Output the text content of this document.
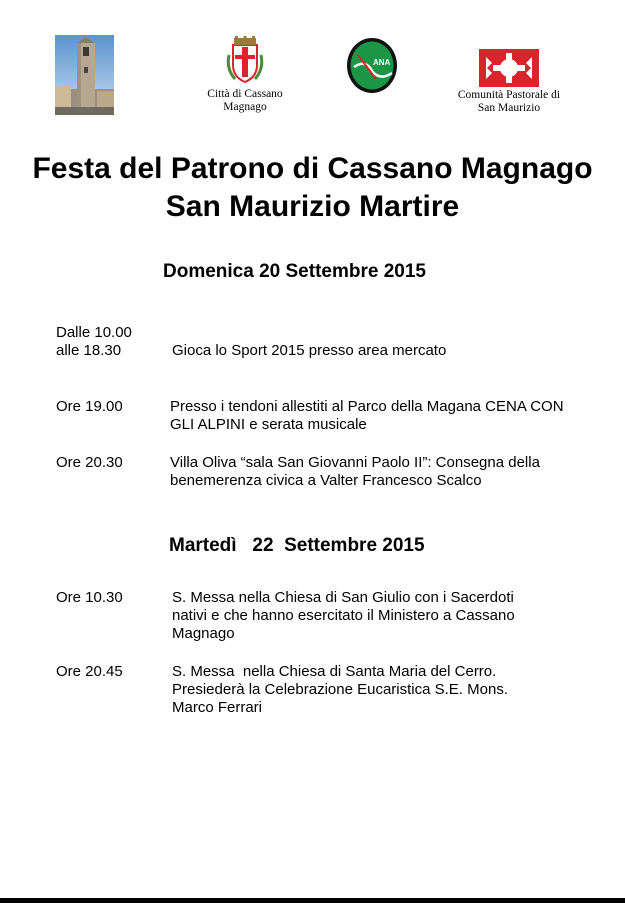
Città di Cassano
Magnago
ANA
Comunità Pastorale di
San Maurizio
Festa del Patrono di Cassano Magnago
San Maurizio Martire
Domenica 20 Settembre 2015
Dalle 10.00
alle 18.30	Gioca lo Sport 2015 presso area mercato
Ore 19.00	Presso i tendoni allestiti al Parco della Magana CENA CON
GLI ALPINI e serata musicale
Ore 20.30	Villa Oliva “sala San Giovanni Paolo II”: Consegna della
benemerenza civica a Valter Francesco Scalco
Martedì   22  Settembre 2015
Ore 10.30	S. Messa nella Chiesa di San Giulio con i Sacerdoti
nativi e che hanno esercitato il Ministero a Cassano
Magnago
Ore 20.45	S. Messa  nella Chiesa di Santa Maria del Cerro.
Presiederà la Celebrazione Eucaristica S.E. Mons.
Marco Ferrari
